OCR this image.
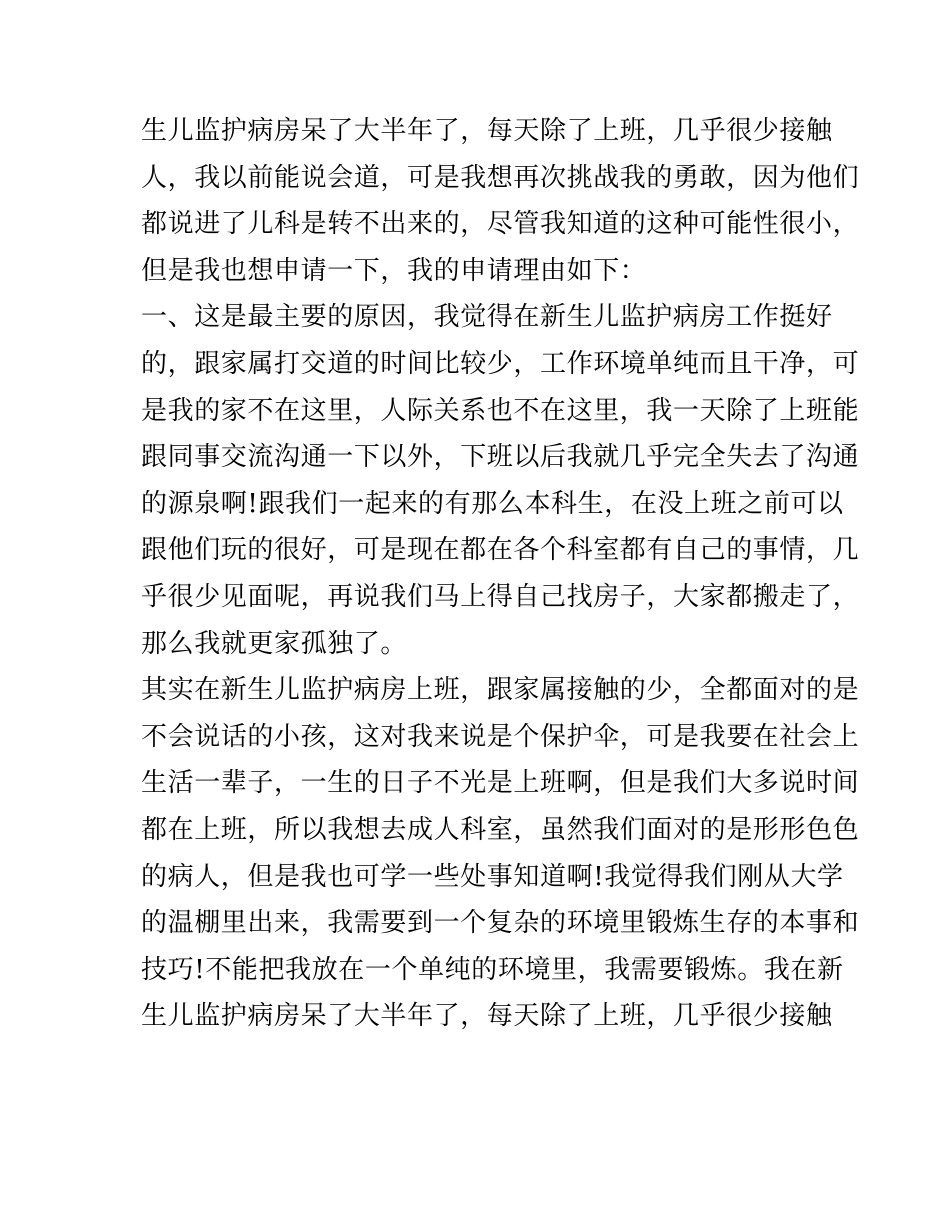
生儿监护病房呆了大半年了，每天除了上班，几乎很少接触
人，我以前能说会道，可是我想再次挑战我的勇敢，因为他们
都说进了儿科是转不出来的，尽管我知道的这种可能性很小，
但是我也想申请一下，我的申请理由如下：
一、这是最主要的原因，我觉得在新生儿监护病房工作挺好
的，跟家属打交道的时间比较少，工作环境单纯而且干净，可
是我的家不在这里，人际关系也不在这里，我一天除了上班能
跟同事交流沟通一下以外，下班以后我就几乎完全失去了沟通
的源泉啊!跟我们一起来的有那么本科生，在没上班之前可以
跟他们玩的很好，可是现在都在各个科室都有自己的事情，几
乎很少见面呢，再说我们马上得自己找房子，大家都搬走了，
那么我就更家孤独了。
其实在新生儿监护病房上班，跟家属接触的少，全都面对的是
不会说话的小孩，这对我来说是个保护伞，可是我要在社会上
生活一辈子，一生的日子不光是上班啊，但是我们大多说时间
都在上班，所以我想去成人科室，虽然我们面对的是形形色色
的病人，但是我也可学一些处事知道啊!我觉得我们刚从大学
的温棚里出来，我需要到一个复杂的环境里锻炼生存的本事和
技巧!不能把我放在一个单纯的环境里，我需要锻炼。我在新
生儿监护病房呆了大半年了，每天除了上班，几乎很少接触
